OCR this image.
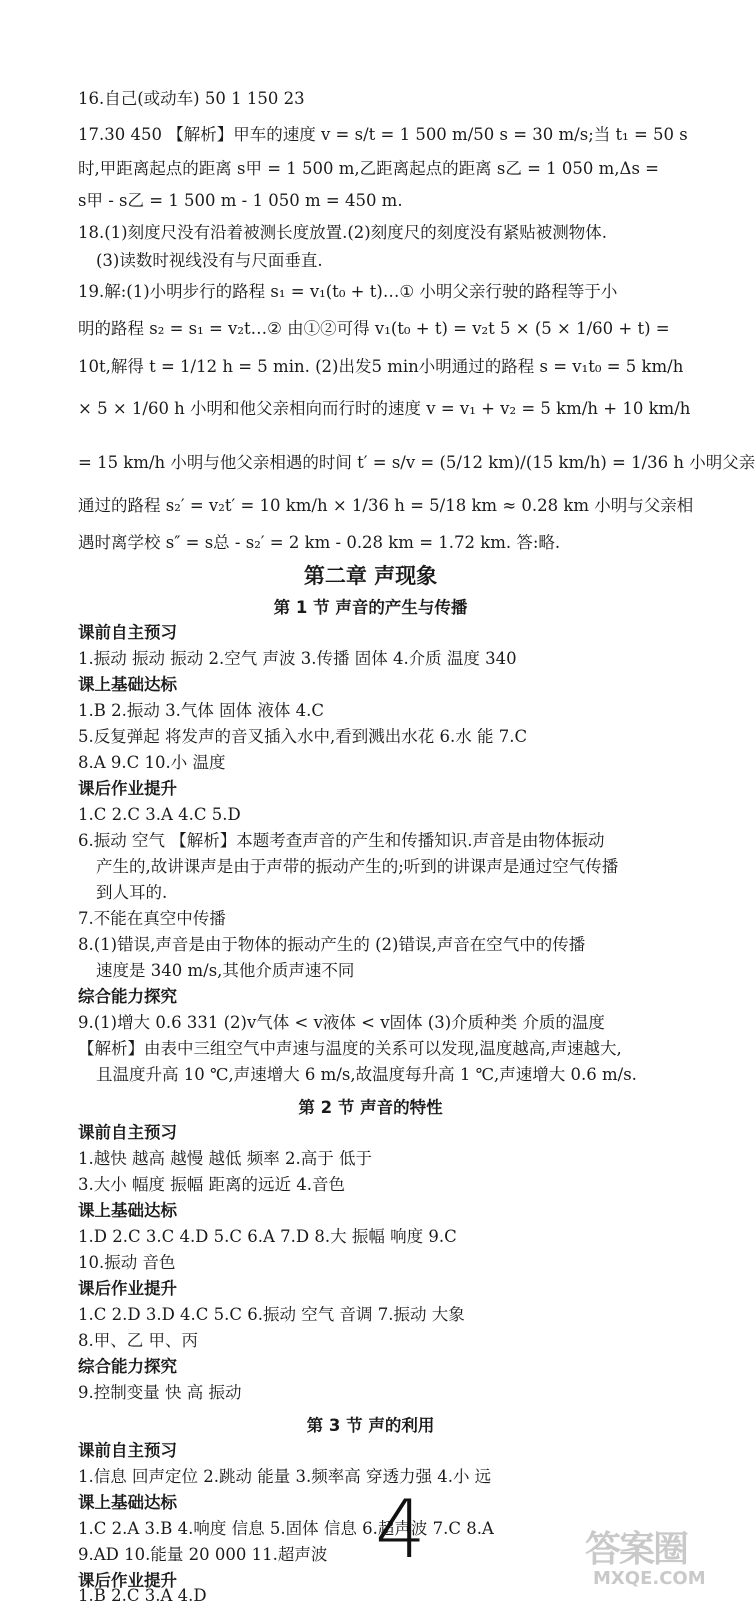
16.自己(或动车) 50 1 150 23
17.30 450 【解析】甲车的速度 v = s/t = 1 500 m/50 s = 30 m/s;当 t₁ = 50 s
时,甲距离起点的距离 s甲 = 1 500 m,乙距离起点的距离 s乙 = 1 050 m,Δs =
s甲 - s乙 = 1 500 m - 1 050 m = 450 m.
18.(1)刻度尺没有沿着被测长度放置.(2)刻度尺的刻度没有紧贴被测物体.
(3)读数时视线没有与尺面垂直.
19.解:(1)小明步行的路程 s₁ = v₁(t₀ + t)…① 小明父亲行驶的路程等于小
明的路程 s₂ = s₁ = v₂t…② 由①②可得 v₁(t₀ + t) = v₂t 5 × (5 × 1/60 + t) =
10t,解得 t = 1/12 h = 5 min. (2)出发5 min小明通过的路程 s = v₁t₀ = 5 km/h
× 5 × 1/60 h 小明和他父亲相向而行时的速度 v = v₁ + v₂ = 5 km/h + 10 km/h
= 15 km/h 小明与他父亲相遇的时间 t′ = s/v = (5/12 km)/(15 km/h) = 1/36 h 小明父亲
通过的路程 s₂′ = v₂t′ = 10 km/h × 1/36 h = 5/18 km ≈ 0.28 km 小明与父亲相
遇时离学校 s″ = s总 - s₂′ = 2 km - 0.28 km = 1.72 km. 答:略.
第二章 声现象
第 1 节 声音的产生与传播
课前自主预习
1.振动 振动 振动 2.空气 声波 3.传播 固体 4.介质 温度 340
课上基础达标
1.B 2.振动 3.气体 固体 液体 4.C
5.反复弹起 将发声的音叉插入水中,看到溅出水花 6.水 能 7.C
8.A 9.C 10.小 温度
课后作业提升
1.C 2.C 3.A 4.C 5.D
6.振动 空气 【解析】本题考查声音的产生和传播知识.声音是由物体振动
产生的,故讲课声是由于声带的振动产生的;听到的讲课声是通过空气传播
到人耳的.
7.不能在真空中传播
8.(1)错误,声音是由于物体的振动产生的 (2)错误,声音在空气中的传播
速度是 340 m/s,其他介质声速不同
综合能力探究
9.(1)增大 0.6 331 (2)v气体 < v液体 < v固体 (3)介质种类 介质的温度
【解析】由表中三组空气中声速与温度的关系可以发现,温度越高,声速越大,
且温度升高 10 ℃,声速增大 6 m/s,故温度每升高 1 ℃,声速增大 0.6 m/s.
第 2 节 声音的特性
课前自主预习
1.越快 越高 越慢 越低 频率 2.高于 低于
3.大小 幅度 振幅 距离的远近 4.音色
课上基础达标
1.D 2.C 3.C 4.D 5.C 6.A 7.D 8.大 振幅 响度 9.C
10.振动 音色
课后作业提升
1.C 2.D 3.D 4.C 5.C 6.振动 空气 音调 7.振动 大象
8.甲、乙 甲、丙
综合能力探究
9.控制变量 快 高 振动
第 3 节 声的利用
课前自主预习
1.信息 回声定位 2.跳动 能量 3.频率高 穿透力强 4.小 远
课上基础达标
1.C 2.A 3.B 4.响度 信息 5.固体 信息 6.超声波 7.C 8.A
9.AD 10.能量 20 000 11.超声波
课后作业提升
1.B 2.C 3.A 4.D
4	答案圈
MXQE.COM
